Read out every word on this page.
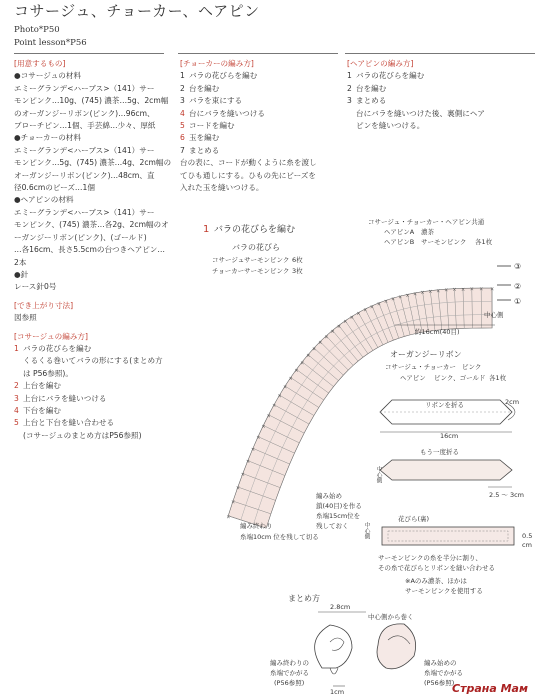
コサージュ、チョーカー、ヘアピン
Photo*P50
Point lesson*P56
[用意するもの]
●コサージュの材料
エミーグランデ<ハーブス>（141）サー
モンピンク…10g、(745) 濃茶…5g、2cm幅
のオーガンジーリボン(ピンク)…96cm、
ブローチピン…1個、手芸綿…少々、厚紙
●チョーカーの材料
エミーグランデ<ハーブス>（141）サー
モンピンク…5g、(745) 濃茶…4g、2cm幅の
オーガンジーリボン(ピンク)…48cm、直
径0.6cmのビーズ…1個
●ヘアピンの材料
エミーグランデ<ハーブス>（141）サー
モンピンク、(745) 濃茶…各2g、2cm幅のオ
ーガンジーリボン(ピンク)、(ゴールド)
…各16cm、長さ5.5cmの台つきヘアピン…
2本
●針
レース針0号
[でき上がり寸法]
図参照
[コサージュの編み方]
1 バラの花びらを編む
くるくる巻いてバラの形にする(まとめ方
は P56参照)。
2 上台を編む
3 上台にバラを縫いつける
4 下台を編む
5 上台と下台を縫い合わせる
(コサージュのまとめ方はP56参照)
[チョーカーの編み方]
1 バラの花びらを編む
2 台を編む
3 バラを束にする
4 台にバラを縫いつける
5 コードを編む
6 玉を編む
7 まとめる
台の表に、コードが動くように糸を渡し
てひも通しにする。ひもの先にビーズを
入れた玉を縫いつける。
[ヘアピンの編み方]
1 バラの花びらを編む
2 台を編む
3 まとめる
台にバラを縫いつけた後、裏側にヘア
ピンを縫いつける。
1 バラの花びらを編む
バラの花びら
コサージュ サーモンピンク 6枚
チョーカー サーモンピンク 3枚
コサージュ・チョーカー・ヘアピン共通
ヘアピンA 濃茶
ヘアピンB サーモンピンク 各1枚
×
×
×
×
×
×
×
×
×
×
×
×
×
×
×
×
×
×
×
×
×
×
×
×
×
×
×
×
×
×
×
×
×
×
×
×
×
×
×
×
×
③
②
①
中心側
約16cm(40目)
編み始め
鎖(40目)を作る
糸端15cm位を
残しておく
編み終わり
糸端10cm 位を残して切る
オーガンジーリボン
コサージュ・チョーカー ピンク
ヘアピン ピンク、ゴールド 各1枚
リボンを折る	2cm
16cm
もう一度折る
中心側
2.5 〜 3cm
花びら(裏)
中心側	0.5
cm
サーモンピンクの糸を半分に割り、
その糸で花びらとリボンを縫い合わせる
※Aのみ濃茶、ほかは
サーモンピンクを使用する
まとめ方
2.8cm
中心側から巻く
1cm
編み終わりの
糸端でかがる
(P56参照)
編み始めの
糸端でかがる
(P56参照)
Страна Мам
